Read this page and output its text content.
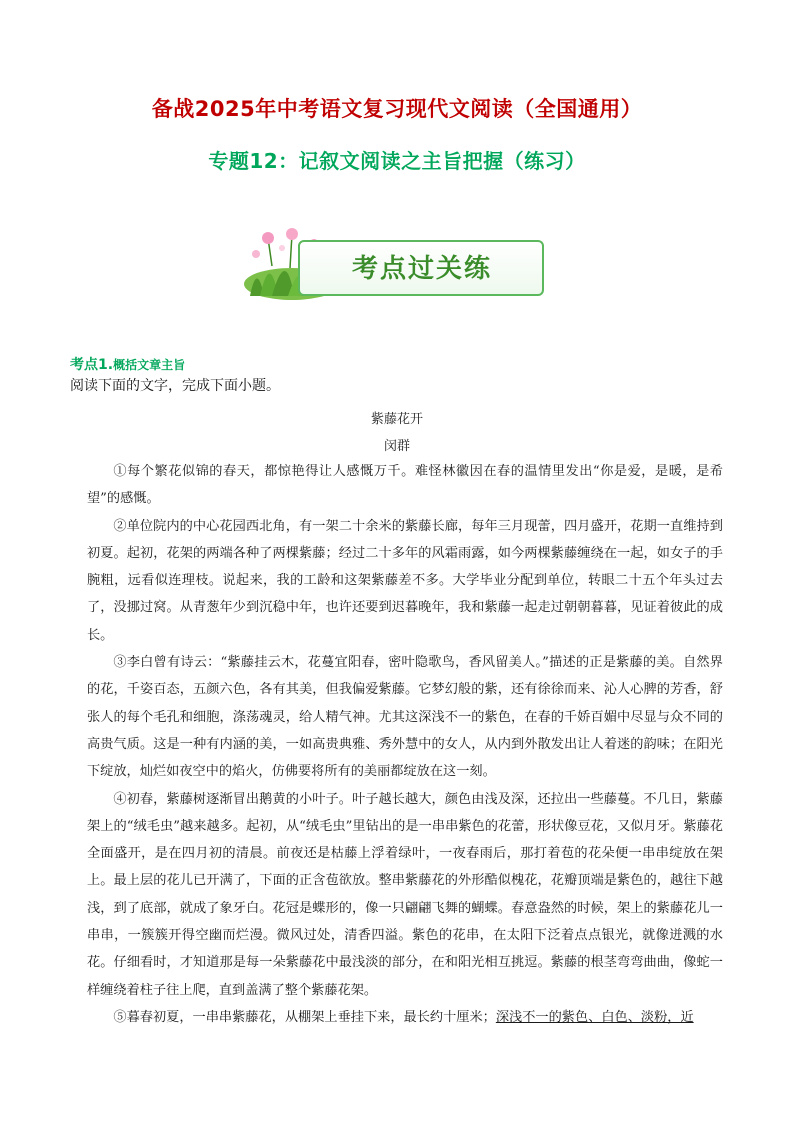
备战2025年中考语文复习现代文阅读（全国通用）
专题12：记叙文阅读之主旨把握（练习）
考点过关练
考点1.概括文章主旨
阅读下面的文字，完成下面小题。
紫藤花开
闵群

①每个繁花似锦的春天，都惊艳得让人感慨万千。难怪林徽因在春的温情里发出“你是爱，是暖，是希望”的感慨。

②单位院内的中心花园西北角，有一架二十余米的紫藤长廊，每年三月现蕾，四月盛开，花期一直维持到初夏。起初，花架的两端各种了两棵紫藤；经过二十多年的风霜雨露，如今两棵紫藤缠绕在一起，如女子的手腕粗，远看似连理枝。说起来，我的工龄和这架紫藤差不多。大学毕业分配到单位，转眼二十五个年头过去了，没挪过窝。从青葱年少到沉稳中年，也许还要到迟暮晚年，我和紫藤一起走过朝朝暮暮，见证着彼此的成长。

③李白曾有诗云：“紫藤挂云木，花蔓宜阳春，密叶隐歌鸟，香风留美人。”描述的正是紫藤的美。自然界的花，千姿百态，五颜六色，各有其美，但我偏爱紫藤。它梦幻般的紫，还有徐徐而来、沁人心脾的芳香，舒张人的每个毛孔和细胞，涤荡魂灵，给人精气神。尤其这深浅不一的紫色，在春的千娇百媚中尽显与众不同的高贵气质。这是一种有内涵的美，一如高贵典雅、秀外慧中的女人，从内到外散发出让人着迷的韵味；在阳光下绽放，灿烂如夜空中的焰火，仿佛要将所有的美丽都绽放在这一刻。

④初春，紫藤树逐渐冒出鹅黄的小叶子。叶子越长越大，颜色由浅及深，还拉出一些藤蔓。不几日，紫藤架上的“绒毛虫”越来越多。起初，从“绒毛虫”里钻出的是一串串紫色的花蕾，形状像豆花，又似月牙。紫藤花全面盛开，是在四月初的清晨。前夜还是枯藤上浮着绿叶，一夜春雨后，那打着苞的花朵便一串串绽放在架上。最上层的花儿已开满了，下面的正含苞欲放。整串紫藤花的外形酷似槐花，花瓣顶端是紫色的，越往下越浅，到了底部，就成了象牙白。花冠是蝶形的，像一只翩翩飞舞的蝴蝶。春意盎然的时候，架上的紫藤花儿一串串，一簇簇开得空幽而烂漫。微风过处，清香四溢。紫色的花串，在太阳下泛着点点银光，就像迸溅的水花。仔细看时，才知道那是每一朵紫藤花中最浅淡的部分，在和阳光相互挑逗。紫藤的根茎弯弯曲曲，像蛇一样缠绕着柱子往上爬，直到盖满了整个紫藤花架。

⑤暮春初夏，一串串紫藤花，从棚架上垂挂下来，最长约十厘米；深浅不一的紫色、白色、淡粉，近
